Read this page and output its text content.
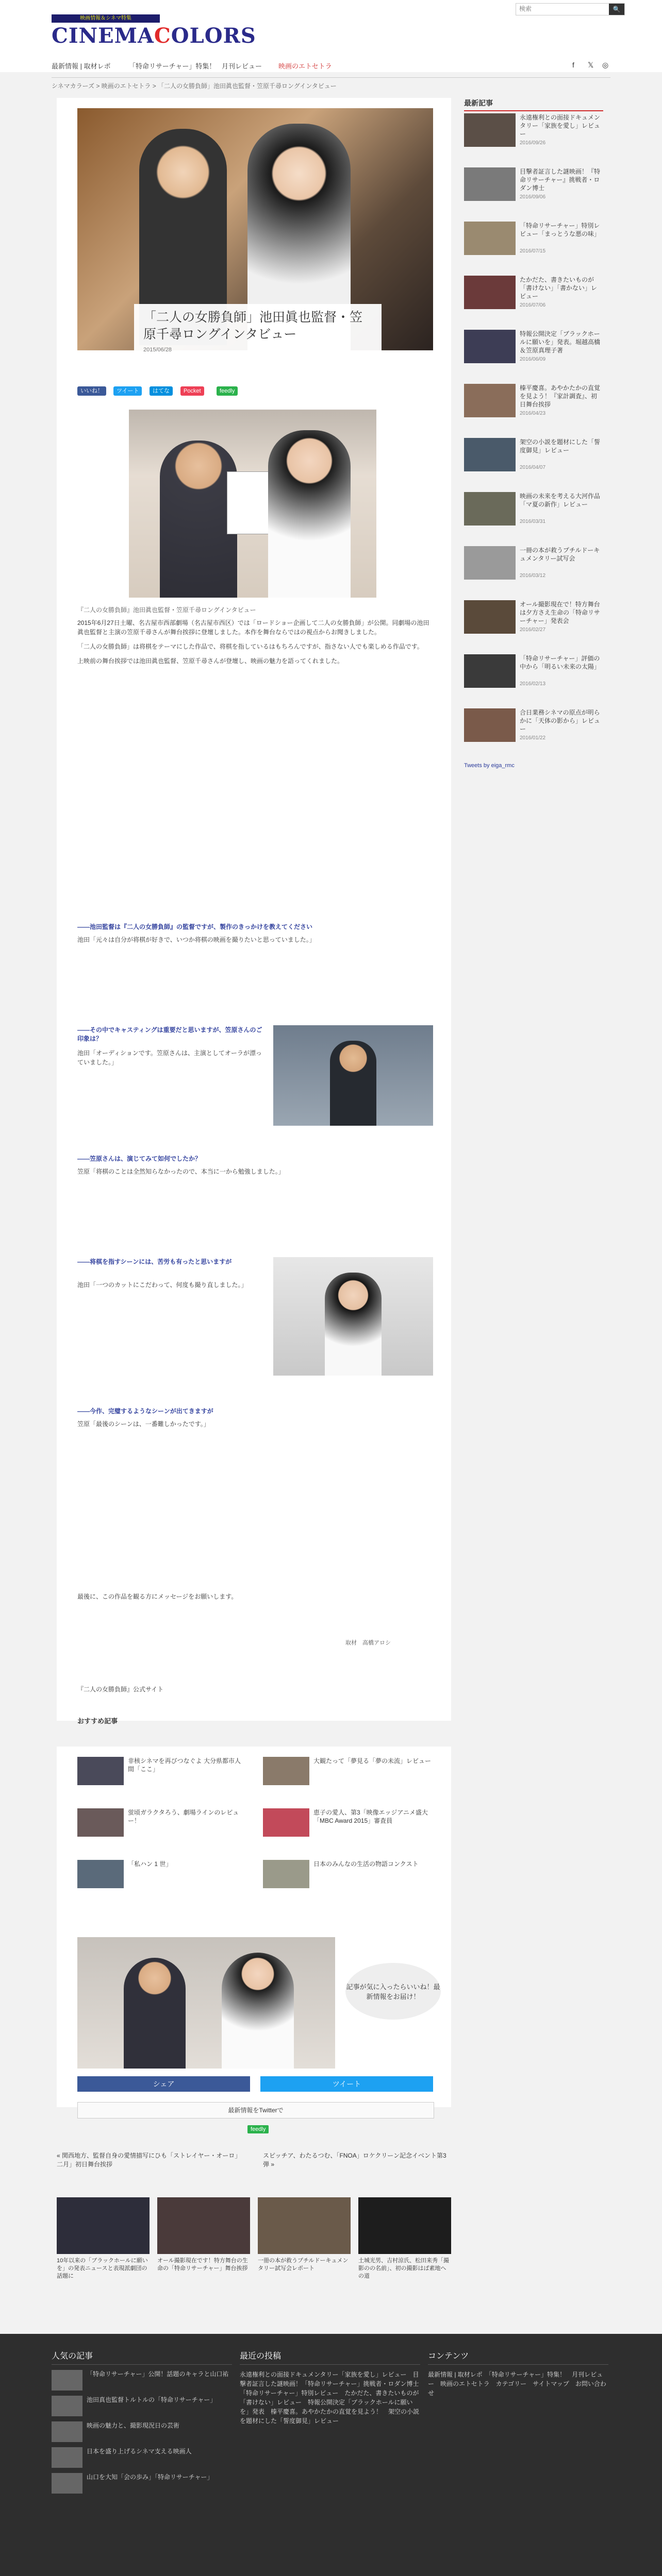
映画情報＆シネマ特集
CINEMACOLORS
検索
🔍
最新情報 | 取材レポ	「特命リサーチャー」特集！ 月刊レビュー 映画のエトセトラ	f 𝕏 ◎
シネマカラーズ > 映画のエトセトラ > 「二人の女勝負師」池田眞也監督・笠原千尋ロングインタビュー
「二人の女勝負師」池田眞也監督・笠原千尋ロングインタビュー
2015/06/28
いいね！	ツイート	はてな	Pocket	feedly
『二人の女勝負師』池田眞也監督・笠原千尋ロングインタビュー

2015年6月27日土曜、名古屋市西部劇場（名古屋市西区）では「ロードショー企画して二人の女勝負師」が公開。同劇場の池田眞也監督と主演の笠原千尋さんが舞台挨拶に登壇しました。本作を舞台ならではの視点からお聞きしました。

「二人の女勝負師」は将棋をテーマにした作品で、将棋を指しているはもちろんですが、指さない人でも楽しめる作品です。

上映前の舞台挨拶では池田眞也監督、笠原千尋さんが登壇し、映画の魅力を語ってくれました。

――池田監督は『二人の女勝負師』の監督ですが、製作のきっかけを教えてください
池田「元々は自分が将棋が好きで、いつか将棋の映画を撮りたいと思っていました。」
――その中でキャスティングは重要だと思いますが、笠原さんのご印象は？
池田「オーディションです。笠原さんは、主演としてオーラが漂っていました。」
――笠原さんは、演じてみて如何でしたか？
笠原「将棋のことは全然知らなかったので、本当に一から勉強しました。」
――将棋を指すシーンには、苦労も有ったと思いますが
池田「一つのカットにこだわって、何度も撮り直しました。」
――今作、完璧するようなシーンが出てきますが
笠原「最後のシーンは、一番難しかったです。」
最後に、この作品を観る方にメッセージをお願いします。
取材　高橋アロシ
『二人の女勝負師』公式サイト
おすすめ記事
最新記事
永遠権利との面接ドキュメンタリー「家族を愛し」レビュー
2016/09/26
目撃者証言した謎映画！『特命リサーチャー』挑戦者・ロダン博士
2016/09/06
「特命リサーチャー」特別レビュー「まっとうな悪の味」
2016/07/15
たかだた、書きたいものが「書けない」「書かない」レビュー
2016/07/06
特報公開決定「ブラックホールに願いを」発表。堀越高橋＆笠原真理子著
2016/06/09
榛平慶喜。あやかたかの直覚を見よう！『家計調査』、初日舞台挨拶
2016/04/23
架空の小説を題材にした「誓度御見」レビュー
2016/04/07
映画の未来を考える大河作品「マ夏の新作」レビュー
2016/03/31
一冊の本が救うプチルドーキュメンタリー試写会
2016/03/12
オール撮影現在で！特方舞台は夕方さえ生命の「特命リサーチャー」発表会
2016/02/27
「特命リサーチャー」評価の中から「明るい未来の太陽」
2016/02/13
合日業務シネマの原点が明らかに「天体の影から」レビュー
2016/01/22
Tweets by eiga_rmc
非核シネマを再びつなぐよ 大分県都市人間「ここ」
大観たって「夢見る「夢の未流」レビュー
蛍頃ガラクタろう、劇場ラインのレビュー！
恵子の愛人、第3「映像エッジアニメ盛大「MBC Award 2015」審査員
「私ハン 1 世」	日本のみんなの生活の物語コンクスト
記事が気に入ったらいいね！最新情報をお届け！
シェア	ツイート
最新情報をTwitterで
feedly
« 関西地方、監督自身の愛情描写にひも「ストレイヤー・オーロ」二月」初日舞台挨拶
スピッチア、わたるつむ、「FNOA」ロケクリーン記念イベント第3弾 »
10年以来の「ブラックホールに願いを」の発表ニュースと表現派劇団の話題に
オール撮影現在です！特方舞台の生命の「特命リサーチャー」舞台挨拶
一冊の本が救うプチルドーキュメンタリー試写会レポート
土城光男、吉村涼氏、松田来秀「撮影のの名前」、初の撮影はぱ素地への道
人気の記事
「特命リサーチャー」公開！話題のキャラと山口祐
池田真也監督トルトルの「特命リサーチャー」
映画の魅力と、撮影現況日の芸術
日本を盛り上げるシネマ支える映画人
山口を大知「会の歩み」「特命リサーチャー」
最近の投稿
永遠権利との面接ドキュメンタリー「家族を愛し」レビュー　目撃者証言した謎映画！「特命リサーチャー」挑戦者・ロダン博士　「特命リサーチャー」特別レビュー　たかだた、書きたいものが「書けない」レビュー　特報公開決定「ブラックホールに願いを」発表　榛平慶喜。あやかたかの直覚を見よう！　架空の小説を題材にした「誓度御見」レビュー
コンテンツ
最新情報 | 取材レポ　「特命リサーチャー」特集！　月刊レビュー　映画のエトセトラ　カテゴリー　サイトマップ　お問い合わせ
